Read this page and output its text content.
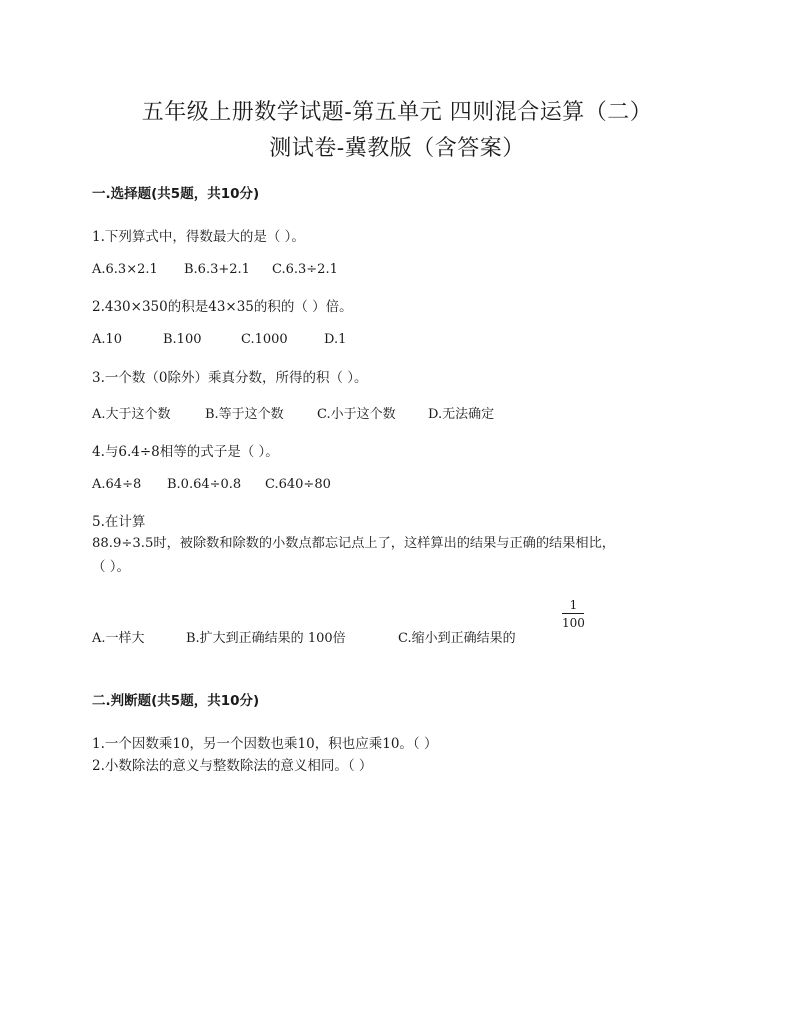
五年级上册数学试题-第五单元 四则混合运算（二）
测试卷-冀教版（含答案）
一.选择题(共5题，共10分)
1.下列算式中，得数最大的是（ ）。
A.6.3×2.1 B.6.3+2.1 C.6.3÷2.1
2.430×350的积是43×35的积的（ ）倍。
A.10	B.100	C.1000	D.1
3.一个数（0除外）乘真分数，所得的积（ ）。
A.大于这个数	B.等于这个数	C.小于这个数 D.无法确定
4.与6.4÷8相等的式子是（ ）。
A.64÷8 B.0.64÷0.8 C.640÷80
5.在计算
88.9÷3.5时，被除数和除数的小数点都忘记点上了，这样算出的结果与正确的结果相比，
（ ）。
A.一样大	B.扩大到正确结果的 100倍	C.缩小到正确结果的
1
100
二.判断题(共5题，共10分)
1.一个因数乘10，另一个因数也乘10，积也应乘10。（ ）
2.小数除法的意义与整数除法的意义相同。（ ）
